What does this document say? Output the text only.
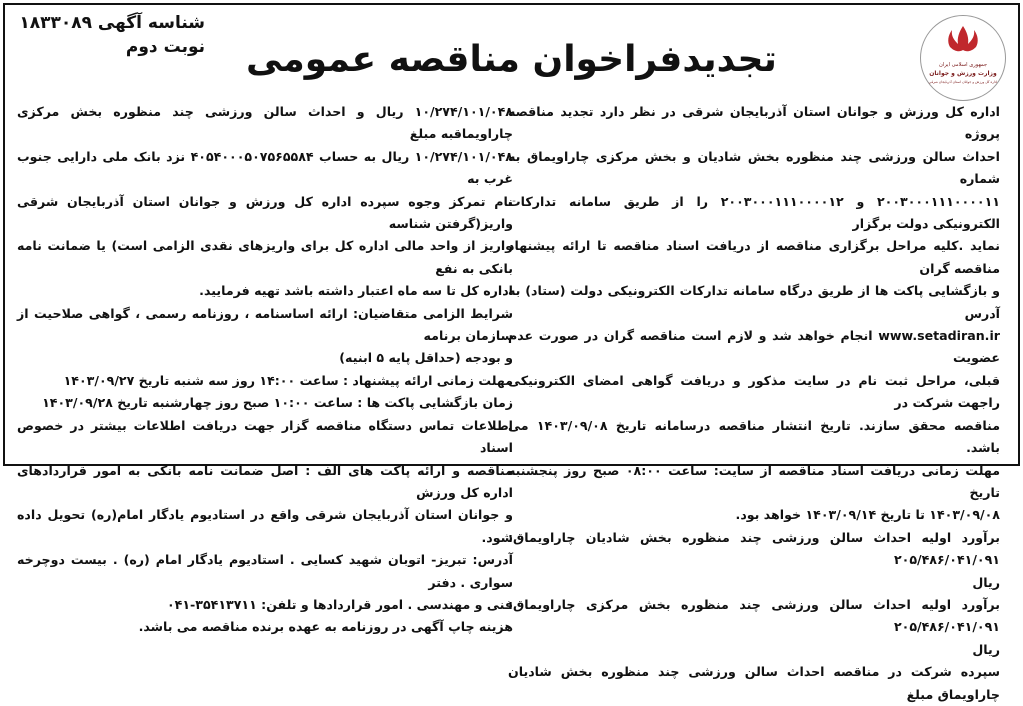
شناسه آگهی ۱۸۳۳۰۸۹
نوبت دوم	تجدیدفراخوان مناقصه عمومی	جمهوری اسلامی ایران
وزارت ورزش و جوانان
اداره کل ورزش و جوانان استان آذربایجان شرقی

اداره کل ورزش و جوانان استان آذربایجان شرقی در نظر دارد تجدید مناقصه پروژه

احداث سالن ورزشی چند منظوره بخش شادیان و بخش مرکزی چاراویماق به شماره

۲۰۰۳۰۰۰۱۱۱۰۰۰۰۱۱ و ۲۰۰۳۰۰۰۱۱۱۰۰۰۰۱۲ را از طریق سامانه تدارکات الکترونیکی دولت برگزار

نماید .کلیه مراحل برگزاری مناقصه از دریافت اسناد مناقصه تا ارائه پیشنهاد مناقصه گران

و بازگشایی پاکت ها از طریق درگاه سامانه تدارکات الکترونیکی دولت (ستاد) به آدرس

www.setadiran.ir انجام خواهد شد و لازم است مناقصه گران در صورت عدم عضویت

قبلی، مراحل ثبت نام در سایت مذکور و دریافت گواهی امضای الکترونیکی راجهت شرکت در

مناقصه محقق سازند. تاریخ انتشار مناقصه درسامانه تاریخ ۱۴۰۳/۰۹/۰۸ می باشد.

مهلت زمانی دریافت اسناد مناقصه از سایت: ساعت ۰۸:۰۰ صبح روز پنجشنبه تاریخ

۱۴۰۳/۰۹/۰۸ تا تاریخ ۱۴۰۳/۰۹/۱۴ خواهد بود.

برآورد اولیه احداث سالن ورزشی چند منظوره بخش شادیان چاراویماق: ۲۰۵/۴۸۶/۰۴۱/۰۹۱

ریال

برآورد اولیه احداث سالن ورزشی چند منظوره بخش مرکزی چاراویماق: ۲۰۵/۴۸۶/۰۴۱/۰۹۱

ریال

سپرده شرکت در مناقصه احداث سالن ورزشی چند منظوره بخش شادیان چاراویماق مبلغ

۱۰/۲۷۴/۱۰۱/۰۴۸ ریال و احداث سالن ورزشی چند منظوره بخش مرکزی چاراویماقبه مبلغ

۱۰/۲۷۴/۱۰۱/۰۴۸ ریال به حساب ۴۰۵۴۰۰۰۵۰۷۵۶۵۵۸۴ نزد بانک ملی دارایی جنوب غرب به

نام تمرکز وجوه سپرده اداره کل ورزش و جوانان استان آذربایجان شرقی واریز(گرفتن شناسه

واریز از واحد مالی اداره کل برای واریزهای نقدی الزامی است) یا ضمانت نامه بانکی به نفع

اداره کل تا سه ماه اعتبار داشته باشد تهیه فرمایید.

شرایط الزامی متقاضیان: ارائه اساسنامه ، روزنامه رسمی ، گواهی صلاحیت از سازمان برنامه

و بودجه (حداقل پایه ۵ ابنیه)

مهلت زمانی ارائه پیشنهاد : ساعت ۱۴:۰۰ روز سه شنبه تاریخ ۱۴۰۳/۰۹/۲۷

زمان بازگشایی پاکت ها : ساعت ۱۰:۰۰ صبح روز چهارشنبه تاریخ ۱۴۰۳/۰۹/۲۸

اطلاعات تماس دستگاه مناقصه گزار جهت دریافت اطلاعات بیشتر در خصوص اسناد

مناقصه و ارائه پاکت های الف : اصل ضمانت نامه بانکی به امور قراردادهای اداره کل ورزش

و جوانان استان آذربایجان شرقی واقع در استادیوم یادگار امام(ره) تحویل داده شود.

آدرس: تبریز- اتوبان شهید کسایی . استادیوم یادگار امام (ره) . بیست دوچرخه سواری . دفتر

فنی و مهندسی . امور قراردادها و تلفن: ۳۵۴۱۳۷۱۱-۰۴۱

هزینه چاپ آگهی در روزنامه به عهده برنده مناقصه می باشد.
